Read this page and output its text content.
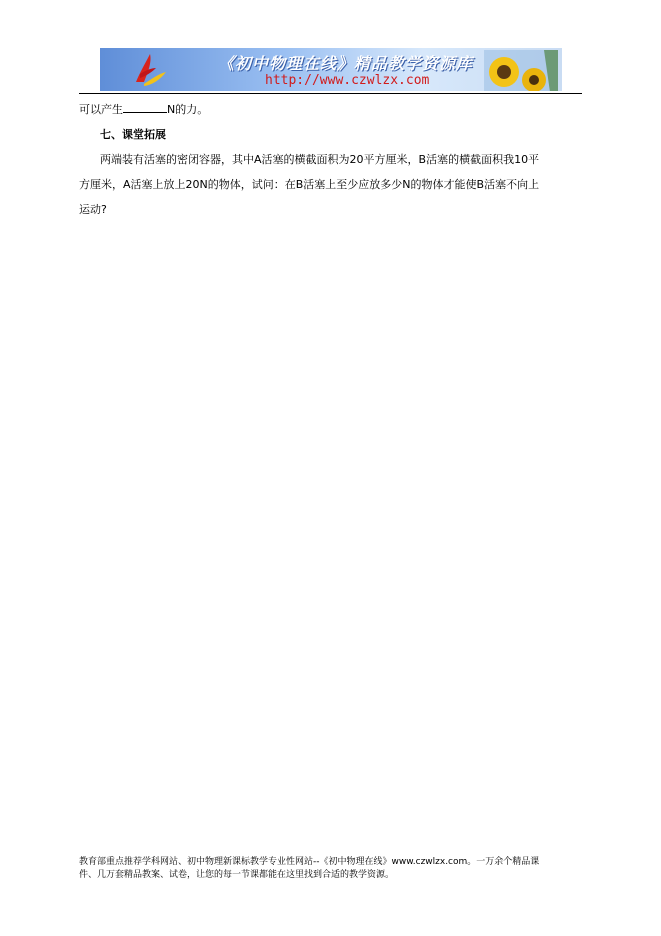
《初中物理在线》精品教学资源库
http://www.czwlzx.com
可以产生	N的力。
七、课堂拓展
两端装有活塞的密闭容器，其中A活塞的横截面积为20平方厘米，B活塞的横截面积我10平
方厘米，A活塞上放上20N的物体，试问：在B活塞上至少应放多少N的物体才能使B活塞不向上
运动?
教育部重点推荐学科网站、初中物理新课标教学专业性网站--《初中物理在线》www.czwlzx.com。一万余个精品课
件、几万套精品教案、试卷，让您的每一节课都能在这里找到合适的教学资源。
